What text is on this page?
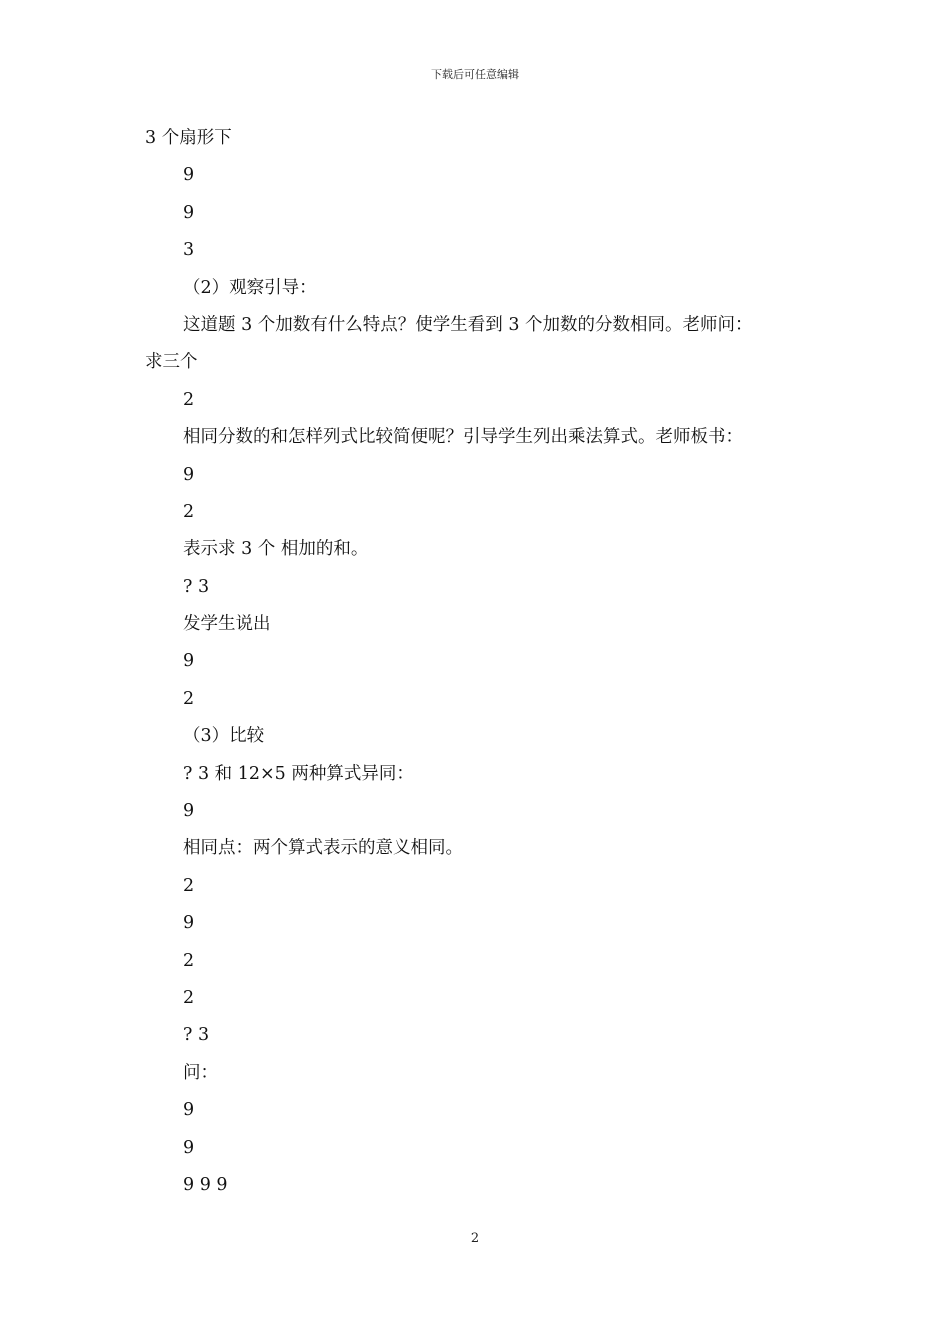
下载后可任意编辑
3 个扇形下
9
9
3
（2）观察引导：
这道题 3 个加数有什么特点？使学生看到 3 个加数的分数相同。老师问：
求三个
2
相同分数的和怎样列式比较简便呢？引导学生列出乘法算式。老师板书：
9
2
表示求 3 个 相加的和。
? 3
发学生说出
9
2
（3）比较
? 3 和 12×5 两种算式异同：
9
相同点：两个算式表示的意义相同。
2
9
2
2
? 3
问：
9
9
9 9 9
2
